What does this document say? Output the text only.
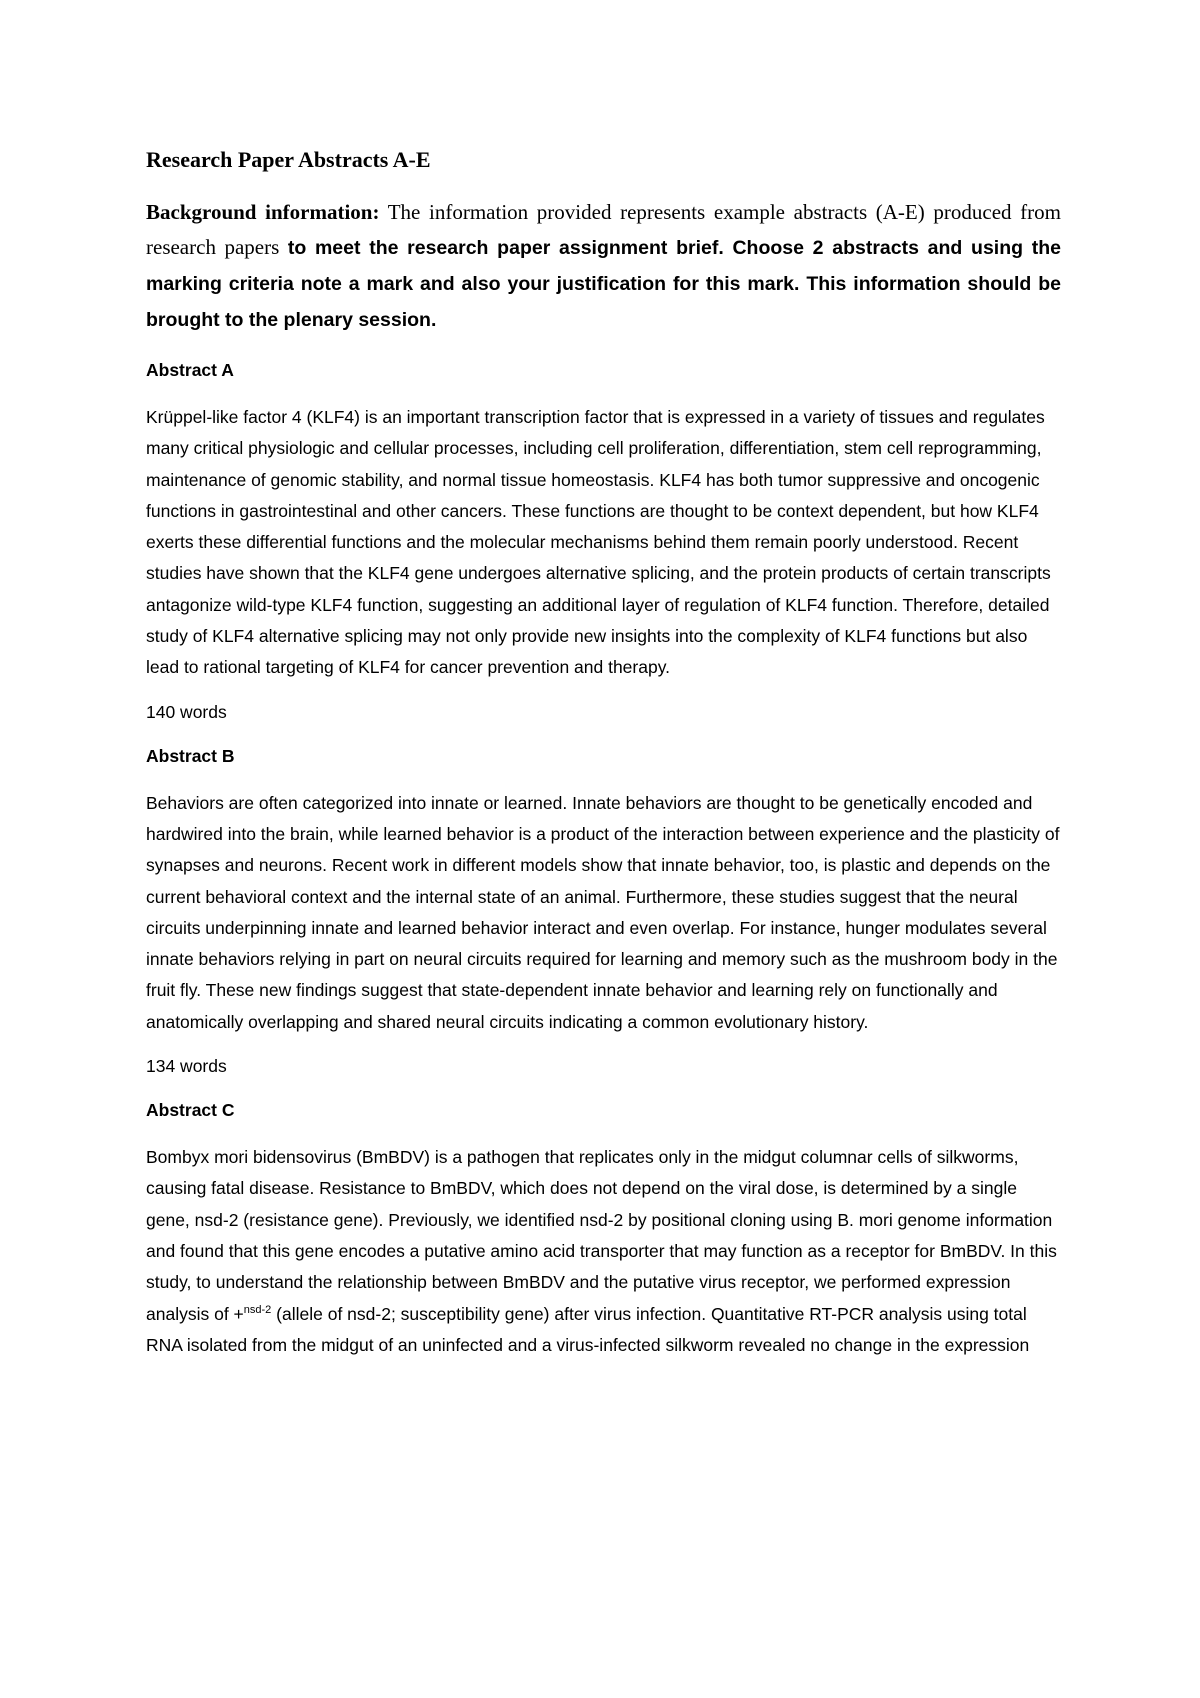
Research Paper Abstracts A-E

Background information: The information provided represents example abstracts (A-E) produced from research papers to meet the research paper assignment brief. Choose 2 abstracts and using the marking criteria note a mark and also your justification for this mark. This information should be brought to the plenary session.

Abstract A

Krüppel-like factor 4 (KLF4) is an important transcription factor that is expressed in a variety of tissues and regulates many critical physiologic and cellular processes, including cell proliferation, differentiation, stem cell reprogramming, maintenance of genomic stability, and normal tissue homeostasis. KLF4 has both tumor suppressive and oncogenic functions in gastrointestinal and other cancers. These functions are thought to be context dependent, but how KLF4 exerts these differential functions and the molecular mechanisms behind them remain poorly understood. Recent studies have shown that the KLF4 gene undergoes alternative splicing, and the protein products of certain transcripts antagonize wild-type KLF4 function, suggesting an additional layer of regulation of KLF4 function. Therefore, detailed study of KLF4 alternative splicing may not only provide new insights into the complexity of KLF4 functions but also lead to rational targeting of KLF4 for cancer prevention and therapy.

140 words
Abstract B

Behaviors are often categorized into innate or learned. Innate behaviors are thought to be genetically encoded and hardwired into the brain, while learned behavior is a product of the interaction between experience and the plasticity of synapses and neurons. Recent work in different models show that innate behavior, too, is plastic and depends on the current behavioral context and the internal state of an animal. Furthermore, these studies suggest that the neural circuits underpinning innate and learned behavior interact and even overlap. For instance, hunger modulates several innate behaviors relying in part on neural circuits required for learning and memory such as the mushroom body in the fruit fly. These new findings suggest that state-dependent innate behavior and learning rely on functionally and anatomically overlapping and shared neural circuits indicating a common evolutionary history.

134 words
Abstract C

Bombyx mori bidensovirus (BmBDV) is a pathogen that replicates only in the midgut columnar cells of silkworms, causing fatal disease. Resistance to BmBDV, which does not depend on the viral dose, is determined by a single gene, nsd-2 (resistance gene). Previously, we identified nsd-2 by positional cloning using B. mori genome information and found that this gene encodes a putative amino acid transporter that may function as a receptor for BmBDV. In this study, to understand the relationship between BmBDV and the putative virus receptor, we performed expression analysis of +$^{nsd-2}$ (allele of nsd-2; susceptibility gene) after virus infection. Quantitative RT-PCR analysis using total RNA isolated from the midgut of an uninfected and a virus-infected silkworm revealed no change in the expression
